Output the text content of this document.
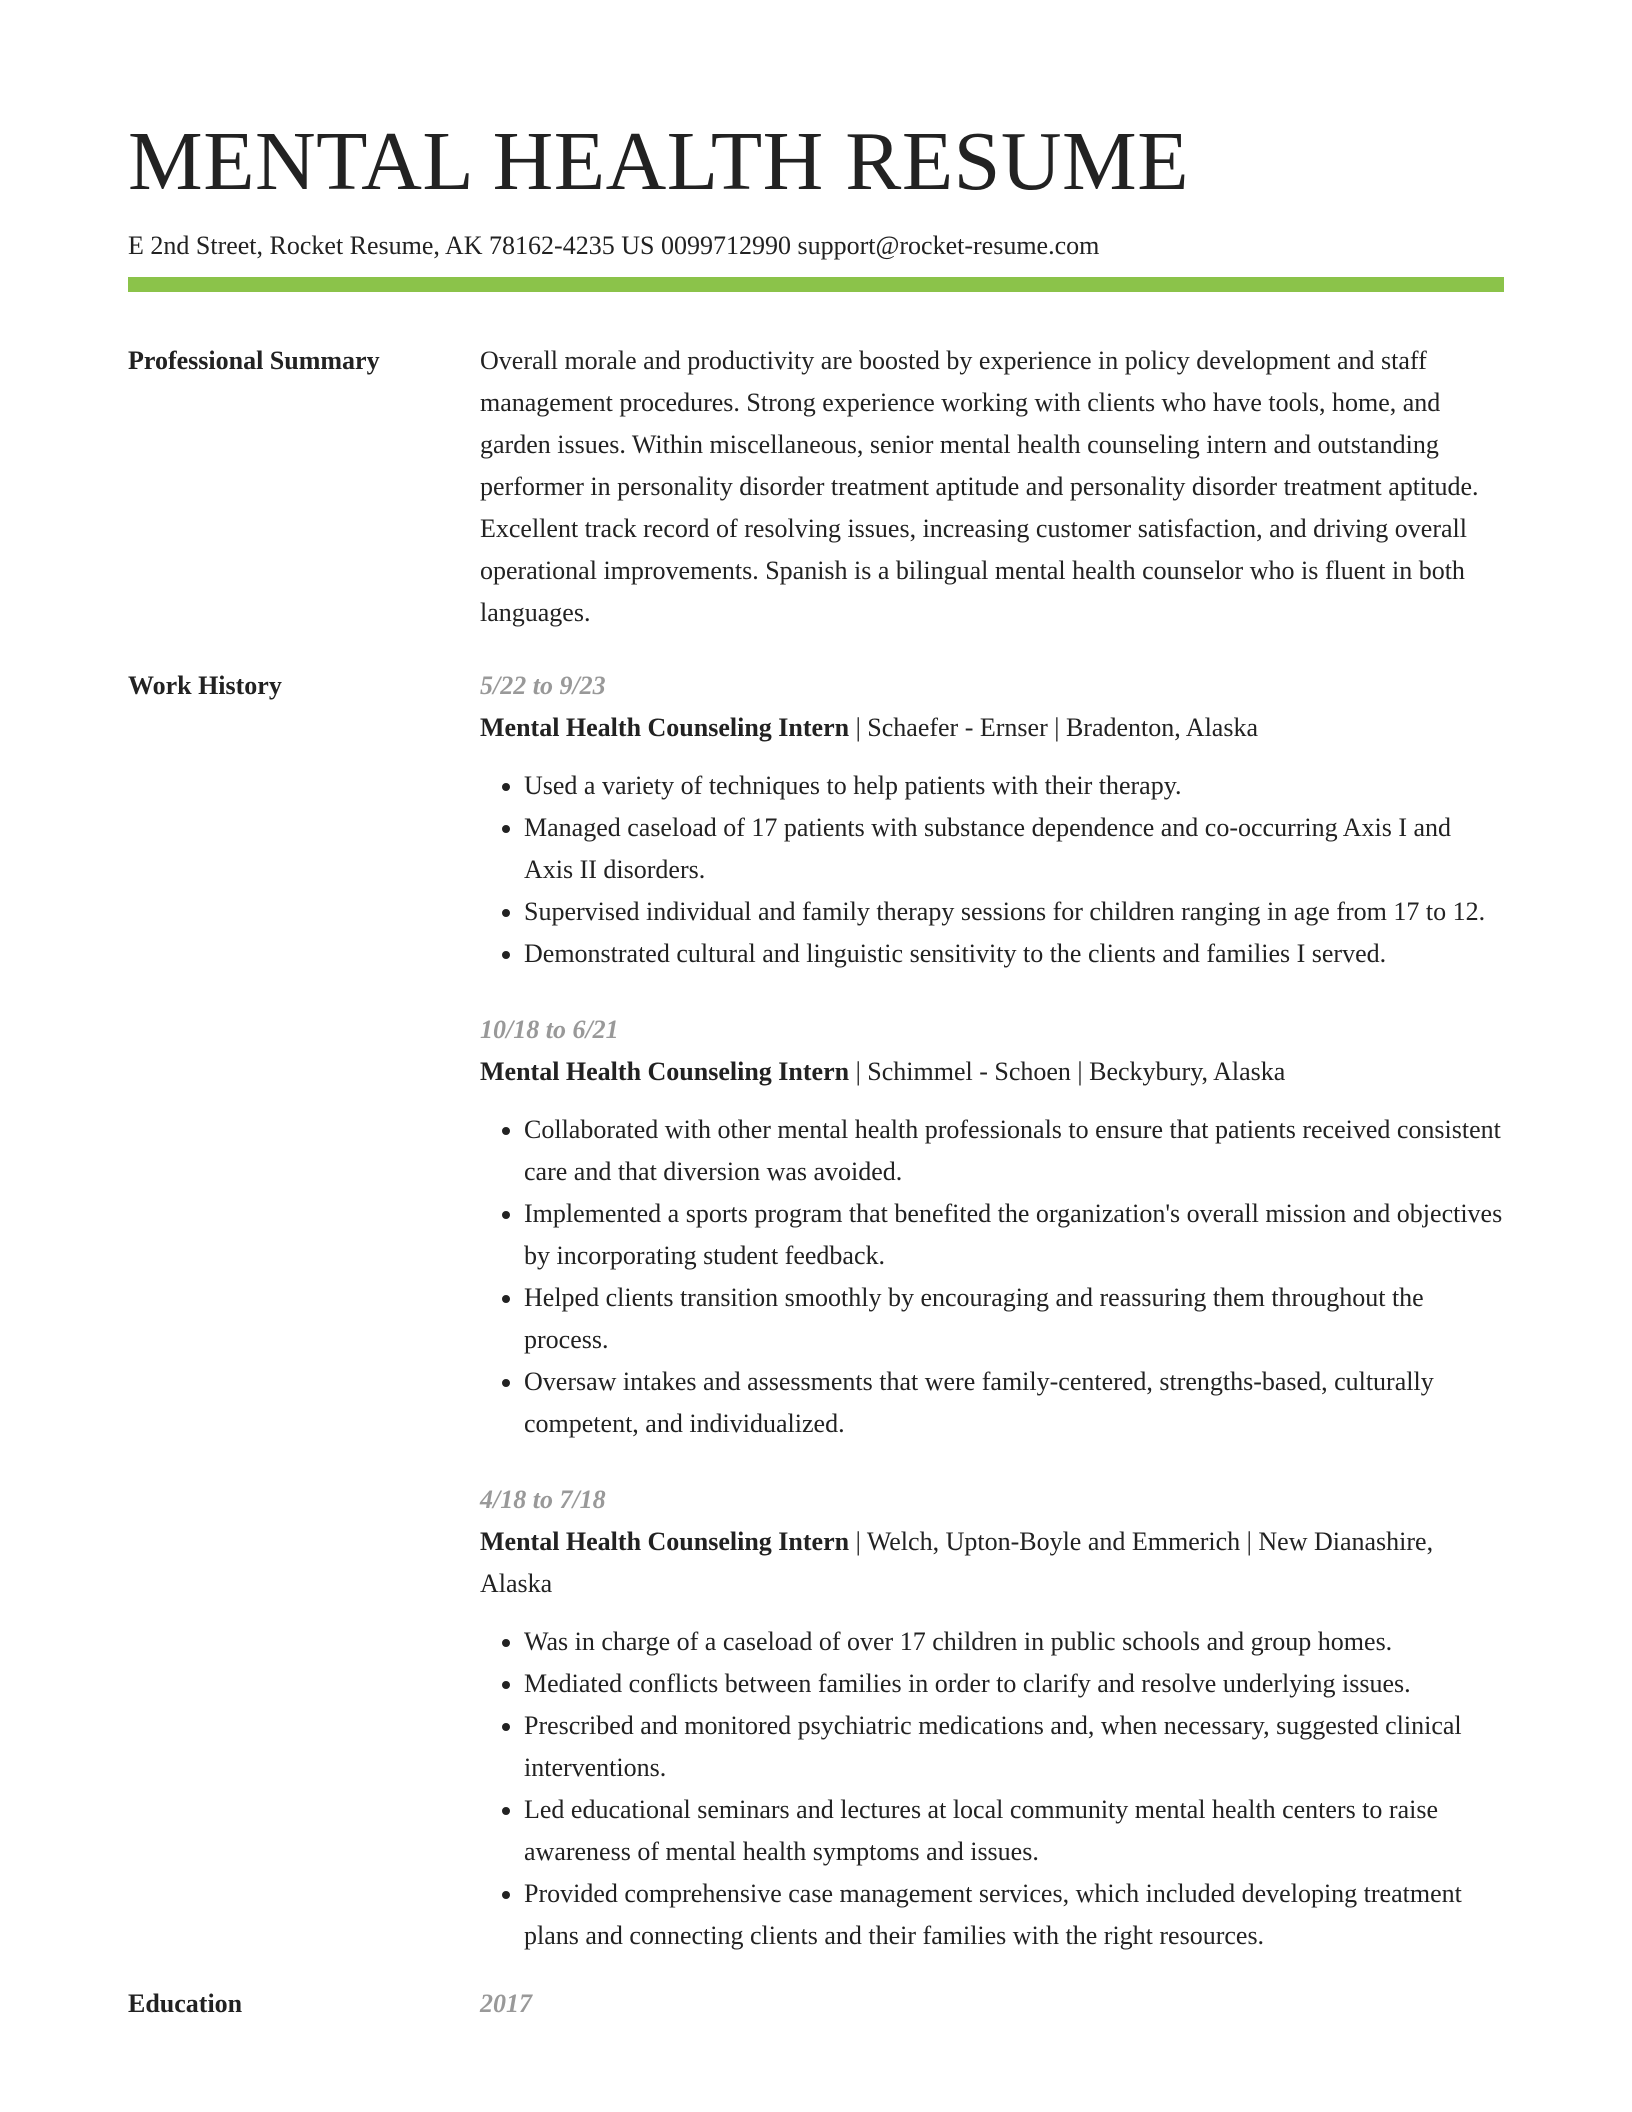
MENTAL HEALTH RESUME
E 2nd Street, Rocket Resume, AK 78162-4235 US 0099712990 support@rocket-resume.com
Professional Summary	Overall morale and productivity are boosted by experience in policy development and staff management procedures. Strong experience working with clients who have tools, home, and garden issues. Within miscellaneous, senior mental health counseling intern and outstanding performer in personality disorder treatment aptitude and personality disorder treatment aptitude. Excellent track record of resolving issues, increasing customer satisfaction, and driving overall operational improvements. Spanish is a bilingual mental health counselor who is fluent in both languages.
Work History	5/22 to 9/23
Mental Health Counseling Intern | Schaefer - Ernser | Bradenton, Alaska
• Used a variety of techniques to help patients with their therapy.
• Managed caseload of 17 patients with substance dependence and co-occurring Axis I and Axis II disorders.
• Supervised individual and family therapy sessions for children ranging in age from 17 to 12.
• Demonstrated cultural and linguistic sensitivity to the clients and families I served.
10/18 to 6/21
Mental Health Counseling Intern | Schimmel - Schoen | Beckybury, Alaska
• Collaborated with other mental health professionals to ensure that patients received consistent care and that diversion was avoided.
• Implemented a sports program that benefited the organization's overall mission and objectives by incorporating student feedback.
• Helped clients transition smoothly by encouraging and reassuring them throughout the process.
• Oversaw intakes and assessments that were family-centered, strengths-based, culturally competent, and individualized.
4/18 to 7/18
Mental Health Counseling Intern | Welch, Upton-Boyle and Emmerich | New Dianashire, Alaska
• Was in charge of a caseload of over 17 children in public schools and group homes.
• Mediated conflicts between families in order to clarify and resolve underlying issues.
• Prescribed and monitored psychiatric medications and, when necessary, suggested clinical interventions.
• Led educational seminars and lectures at local community mental health centers to raise awareness of mental health symptoms and issues.
• Provided comprehensive case management services, which included developing treatment plans and connecting clients and their families with the right resources.
Education	2017
